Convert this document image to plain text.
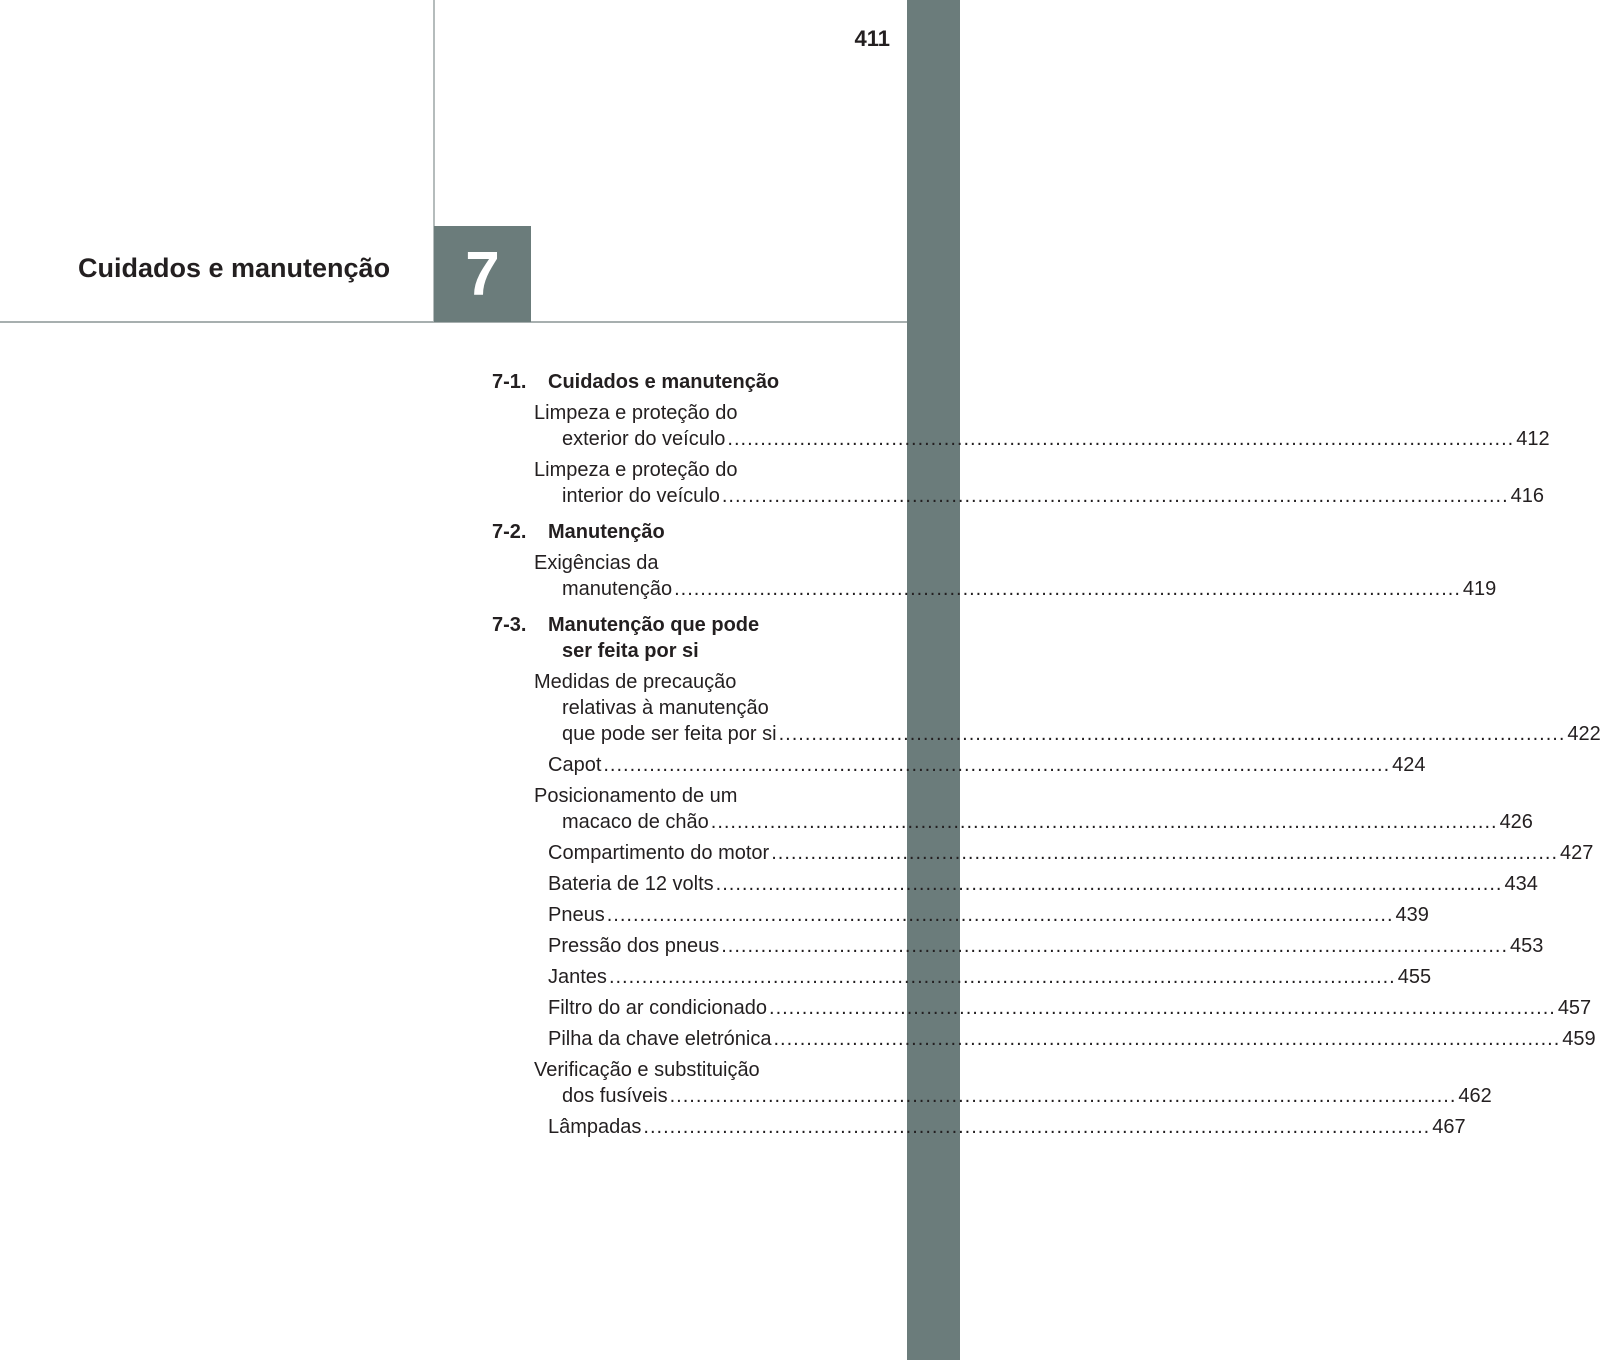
411
Cuidados e manutenção 7
7-1.	Cuidados e manutenção
Limpeza e proteção do
exterior do veículo ........................................................................................................................ 412
Limpeza e proteção do
interior do veículo ........................................................................................................................ 416
7-2.	Manutenção
Exigências da
manutenção ........................................................................................................................ 419
7-3.	Manutenção que pode
ser feita por si
Medidas de precaução
relativas à manutenção
que pode ser feita por si ........................................................................................................................ 422
Capot ........................................................................................................................ 424
Posicionamento de um
macaco de chão ........................................................................................................................ 426
Compartimento do motor ........................................................................................................................ 427
Bateria de 12 volts ........................................................................................................................ 434
Pneus ........................................................................................................................ 439
Pressão dos pneus ........................................................................................................................ 453
Jantes ........................................................................................................................ 455
Filtro do ar condicionado ........................................................................................................................ 457
Pilha da chave eletrónica ........................................................................................................................ 459
Verificação e substituição
dos fusíveis ........................................................................................................................ 462
Lâmpadas ........................................................................................................................ 467
